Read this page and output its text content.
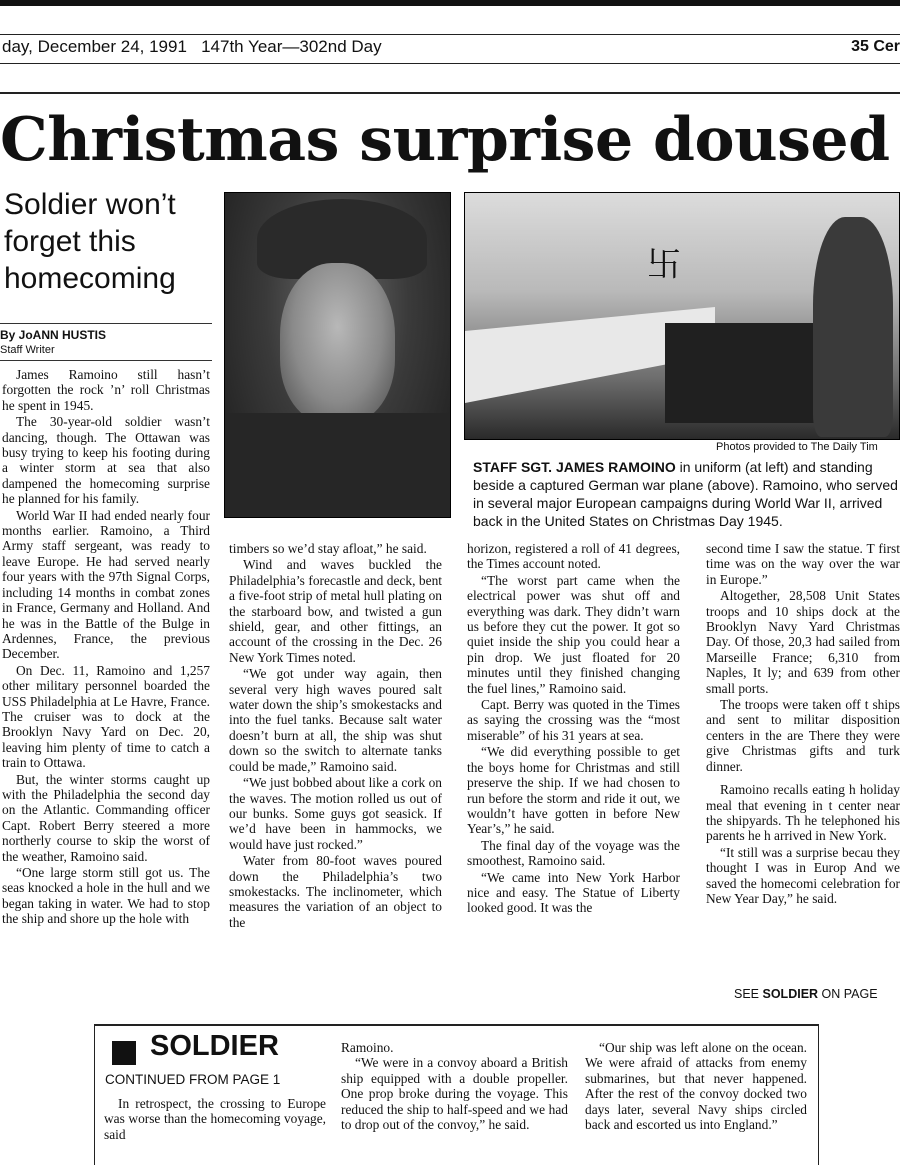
day, December 24, 1991   147th Year—302nd Day	35 Cer
Christmas surprise doused
Soldier won’t forget this homecoming
By JoANN HUSTIS
Staff Writer

James Ramoino still hasn’t forgotten the rock ’n’ roll Christmas he spent in 1945.

The 30-year-old soldier wasn’t dancing, though. The Ottawan was busy trying to keep his footing during a winter storm at sea that also dampened the homecoming surprise he planned for his family.

World War II had ended nearly four months earlier. Ramoino, a Third Army staff sergeant, was ready to leave Europe. He had served nearly four years with the 97th Signal Corps, including 14 months in combat zones in France, Germany and Holland. And he was in the Battle of the Bulge in Ardennes, France, the previous December.

On Dec. 11, Ramoino and 1,257 other military personnel boarded the USS Philadelphia at Le Havre, France. The cruiser was to dock at the Brooklyn Navy Yard on Dec. 20, leaving him plenty of time to catch a train to Ottawa.

But, the winter storms caught up with the Philadelphia the second day on the Atlantic. Commanding officer Capt. Robert Berry steered a more northerly course to skip the worst of the weather, Ramoino said.

“One large storm still got us. The seas knocked a hole in the hull and we began taking in water. We had to stop the ship and shore up the hole with

卐
Photos provided to The Daily Tim
STAFF SGT. JAMES RAMOINO in uniform (at left) and standing beside a captured German war plane (above). Ramoino, who served in several major European campaigns during World War II, arrived back in the United States on Christmas Day 1945.

timbers so we’d stay afloat,” he said.

Wind and waves buckled the Philadelphia’s forecastle and deck, bent a five-foot strip of metal hull plating on the starboard bow, and twisted a gun shield, gear, and other fittings, an account of the crossing in the Dec. 26 New York Times noted.

“We got under way again, then several very high waves poured salt water down the ship’s smokestacks and into the fuel tanks. Because salt water doesn’t burn at all, the ship was shut down so the switch to alternate tanks could be made,” Ramoino said.

“We just bobbed about like a cork on the waves. The motion rolled us out of our bunks. Some guys got seasick. If we’d have been in hammocks, we would have just rocked.”

Water from 80-foot waves poured down the Philadelphia’s two smokestacks. The inclinometer, which measures the variation of an object to the

horizon, registered a roll of 41 degrees, the Times account noted.

“The worst part came when the electrical power was shut off and everything was dark. They didn’t warn us before they cut the power. It got so quiet inside the ship you could hear a pin drop. We just floated for 20 minutes until they finished changing the fuel lines,” Ramoino said.

Capt. Berry was quoted in the Times as saying the crossing was the “most miserable” of his 31 years at sea.

“We did everything possible to get the boys home for Christmas and still preserve the ship. If we had chosen to run before the storm and ride it out, we wouldn’t have gotten in before New Year’s,” he said.

The final day of the voyage was the smoothest, Ramoino said.

“We came into New York Harbor nice and easy. The Statue of Liberty looked good. It was the

second time I saw the statue. T first time was on the way over the war in Europe.”

Altogether, 28,508 Unit States troops and 10 ships dock at the Brooklyn Navy Yard Christmas Day. Of those, 20,3 had sailed from Marseille France; 6,310 from Naples, It ly; and 639 from other small ports.

The troops were taken off t ships and sent to militar disposition centers in the are There they were give Christmas gifts and turk dinner.

Ramoino recalls eating h holiday meal that evening in t center near the shipyards. Th he telephoned his parents he h arrived in New York.

“It still was a surprise becau they thought I was in Europ And we saved the homecomi celebration for New Year Day,” he said.

SEE SOLDIER ON PAGE
SOLDIER
CONTINUED FROM PAGE 1

In retrospect, the crossing to Europe was worse than the homecoming voyage, said

Ramoino.

“We were in a convoy aboard a British ship equipped with a double propeller. One prop broke during the voyage. This reduced the ship to half-speed and we had to drop out of the convoy,” he said.

“Our ship was left alone on the ocean. We were afraid of attacks from enemy submarines, but that never happened. After the rest of the convoy docked two days later, several Navy ships circled back and escorted us into England.”
